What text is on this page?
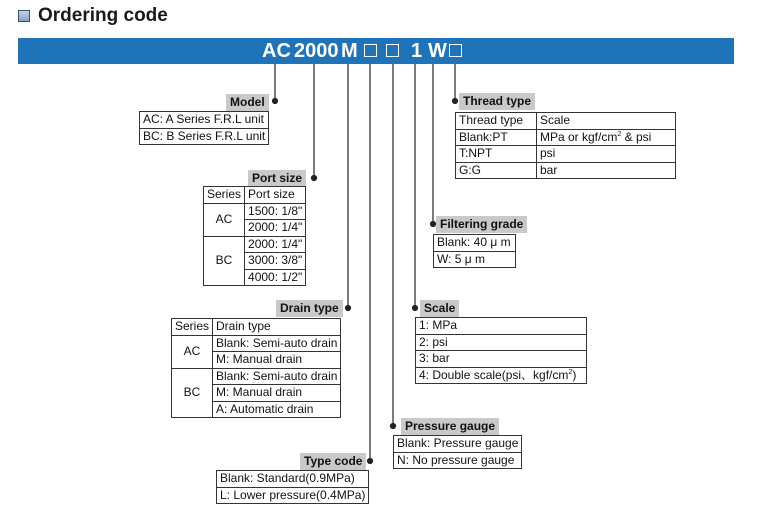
Ordering code
AC 2000 M	1 W
Model
AC: A Series F.R.L unit
BC: B Series F.R.L unit
Port size
Series	Port size
AC	1500: 1/8"
	2000: 1/4"
BC	2000: 1/4"
	3000: 3/8"
	4000: 1/2"
Drain type
Series	Drain type
AC	Blank: Semi-auto drain
	M: Manual drain
BC	Blank: Semi-auto drain
	M: Manual drain
	A: Automatic drain
Type code
Blank: Standard(0.9MPa)
L: Lower pressure(0.4MPa)
Pressure gauge
Blank: Pressure gauge
N: No pressure gauge
Scale
1: MPa
2: psi
3: bar
4: Double scale(psi、kgf/$cm^2$)
Filtering grade
Blank: 40 μ m
W: 5 μ m
Thread type
Thread type	Scale
Blank:PT	MPa or kgf/$cm^2$ & psi
T:NPT	psi
G:G	bar
